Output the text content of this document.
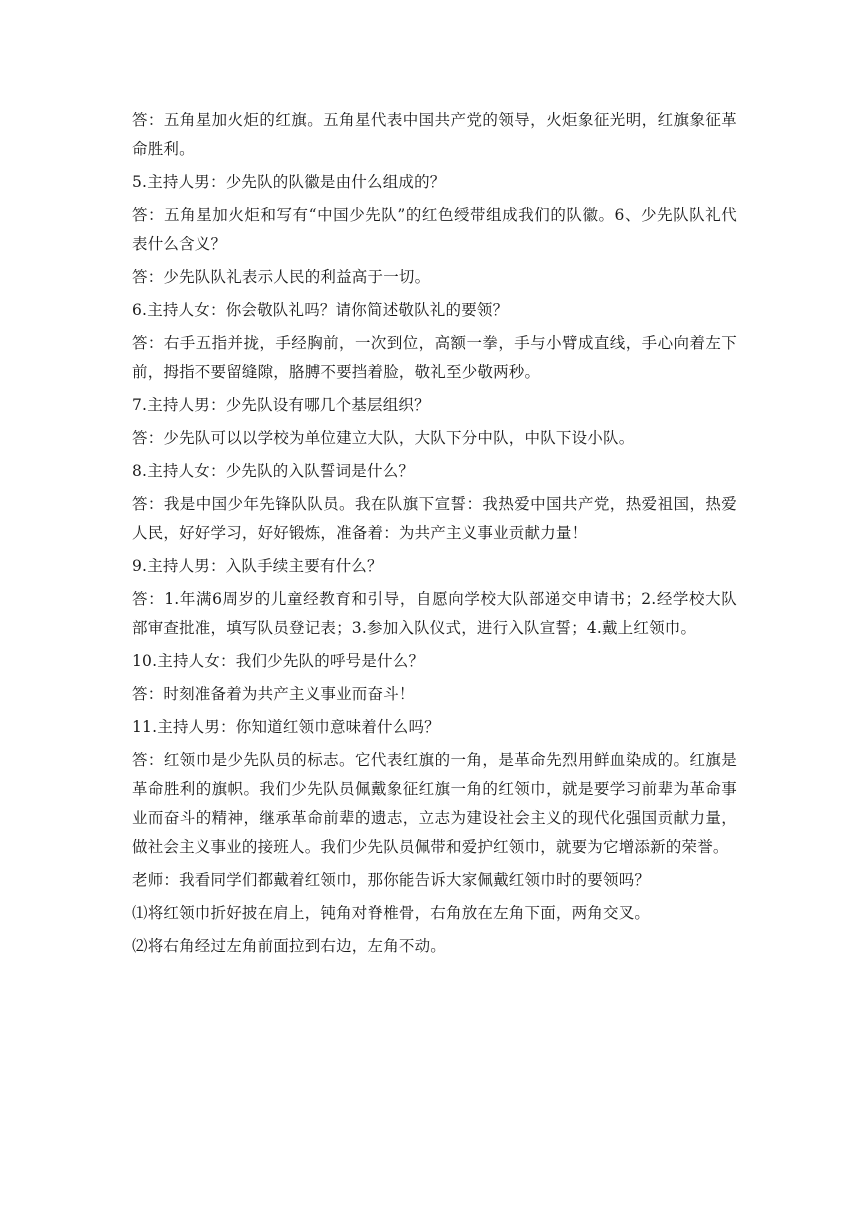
答：五角星加火炬的红旗。五角星代表中国共产党的领导，火炬象征光明，红旗象征革命胜利。

5.主持人男：少先队的队徽是由什么组成的？

答：五角星加火炬和写有“中国少先队”的红色绶带组成我们的队徽。6、少先队队礼代表什么含义？

答：少先队队礼表示人民的利益高于一切。

6.主持人女：你会敬队礼吗？请你简述敬队礼的要领？

答：右手五指并拢，手经胸前，一次到位，高额一拳，手与小臂成直线，手心向着左下前，拇指不要留缝隙，胳膊不要挡着脸，敬礼至少敬两秒。

7.主持人男：少先队设有哪几个基层组织？

答：少先队可以以学校为单位建立大队，大队下分中队，中队下设小队。

8.主持人女：少先队的入队誓词是什么？

答：我是中国少年先锋队队员。我在队旗下宣誓：我热爱中国共产党，热爱祖国，热爱人民，好好学习，好好锻炼，准备着：为共产主义事业贡献力量！

9.主持人男：入队手续主要有什么？

答：1.年满6周岁的儿童经教育和引导，自愿向学校大队部递交申请书；2.经学校大队部审查批准，填写队员登记表；3.参加入队仪式，进行入队宣誓；4.戴上红领巾。

10.主持人女：我们少先队的呼号是什么？

答：时刻准备着为共产主义事业而奋斗！

11.主持人男：你知道红领巾意味着什么吗？

答：红领巾是少先队员的标志。它代表红旗的一角，是革命先烈用鲜血染成的。红旗是革命胜利的旗帜。我们少先队员佩戴象征红旗一角的红领巾，就是要学习前辈为革命事业而奋斗的精神，继承革命前辈的遗志，立志为建设社会主义的现代化强国贡献力量，做社会主义事业的接班人。我们少先队员佩带和爱护红领巾，就要为它增添新的荣誉。

老师：我看同学们都戴着红领巾，那你能告诉大家佩戴红领巾时的要领吗？

⑴将红领巾折好披在肩上，钝角对脊椎骨，右角放在左角下面，两角交叉。

⑵将右角经过左角前面拉到右边，左角不动。
